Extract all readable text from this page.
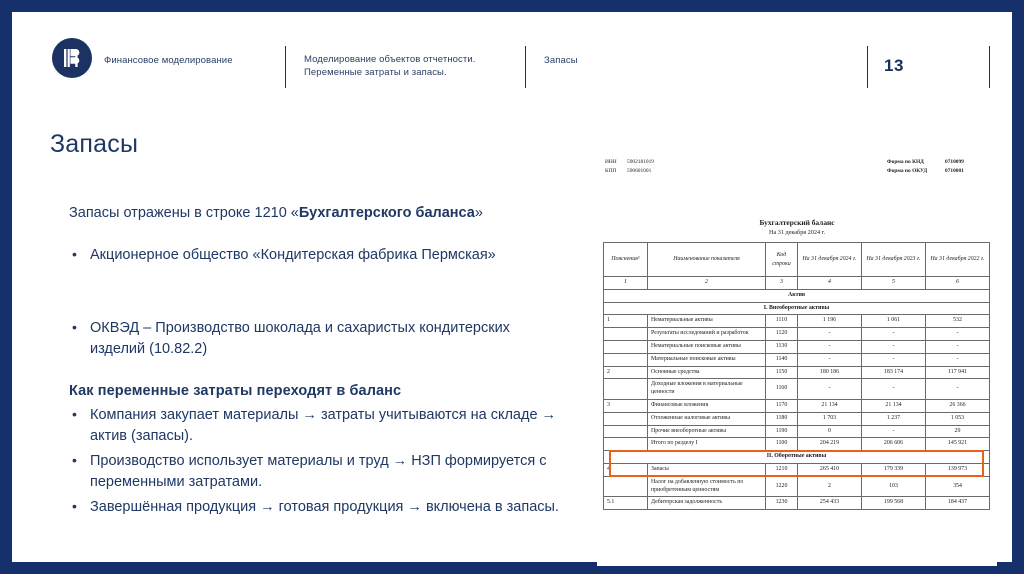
Финансовое моделирование	Моделирование объектов отчетности. Переменные затраты и запасы.
Запасы	13
Запасы
Запасы отражены в строке 1210 «Бухгалтерского баланса»
• Акционерное общество «Кондитерская фабрика Пермская»
• ОКВЭД – Производство шоколада и сахаристых кондитерских изделий (10.82.2)
Как переменные затраты переходят в баланс
• Компания закупает материалы → затраты учитываются на складе → актив (запасы).
• Производство использует материалы и труд → НЗП формируется с переменными затратами.
• Завершённая продукция → готовая продукция → включена в запасы.
ИНН	5902181019
КПП	590601001
Форма по КНД	0710099
Форма по ОКУД	0710001
Бухгалтерский баланс
На 31 декабря 2024 г.
Пояснения¹	Наименование показателя	Код строки	На 31 декабря 2024 г.	На 31 декабря 2023 г.	На 31 декабря 2022 г.
1	2	3	4	5	6
Актив					
I. Внеоборотные активы					
1	Нематериальные активы	1110	1 196	1 061	532
	Результаты исследований и разработок	1120	-	-	-
	Нематериальные поисковые активы	1130	-	-	-
	Материальные поисковые активы	1140	-	-	-
2	Основные средства	1150	180 186	183 174	117 941
	Доходные вложения в материальные ценности	1160	-	-	-
3	Финансовые вложения	1170	21 134	21 134	26 366
	Отложенные налоговые активы	1180	1 703	1 237	1 053
	Прочие внеоборотные активы	1190	0	-	29
	Итого по разделу I	1100	204 219	206 606	145 921
II. Оборотные активы					
4	Запасы	1210	265 410	179 339	139 973
	Налог на добавленную стоимость по приобретенным ценностям	1220	2	103	354
5.1	Дебиторская задолженность	1230	254 433	199 568	184 437
